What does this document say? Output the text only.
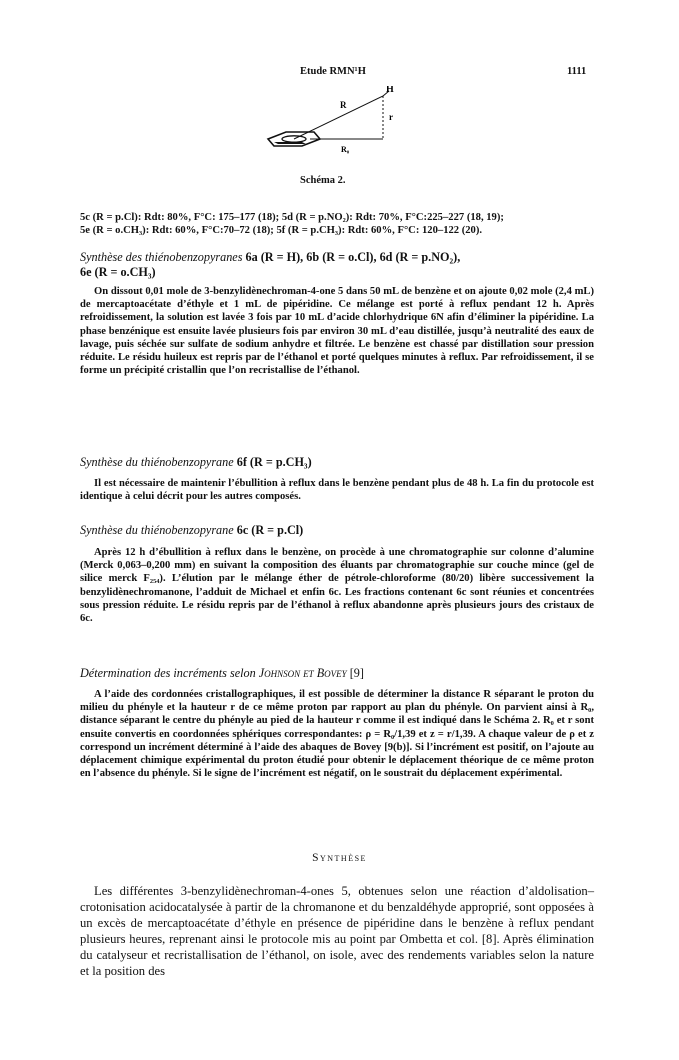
Etude RMN¹H	1111
H
R
r
R₀
Schéma 2.

5c (R = p.Cl): Rdt: 80%, F°C: 175–177 (18); 5d (R = p.NO₂): Rdt: 70%, F°C:225–227 (18, 19);

5e (R = o.CH₃): Rdt: 60%, F°C:70–72 (18); 5f (R = p.CH₃): Rdt: 60%, F°C: 120–122 (20).

Synthèse des thiénobenzopyranes 6a (R = H), 6b (R = o.Cl), 6d (R = p.NO₂),
6e (R = o.CH₃)
On dissout 0,01 mole de 3-benzylidènechroman-4-one 5 dans 50 mL de benzène et on ajoute 0,02 mole (2,4 mL) de mercaptoacétate d’éthyle et 1 mL de pipéridine. Ce mélange est porté à reflux pendant 12 h. Après refroidissement, la solution est lavée 3 fois par 10 mL d’acide chlorhydrique 6N afin d’éliminer la pipéridine. La phase benzénique est ensuite lavée plusieurs fois par environ 30 mL d’eau distillée, jusqu’à neutralité des eaux de lavage, puis séchée sur sulfate de sodium anhydre et filtrée. Le benzène est chassé par distillation sour pression réduite. Le résidu huileux est repris par de l’éthanol et porté quelques minutes à reflux. Par refroidissement, il se forme un précipité cristallin que l’on recristallise de l’éthanol.
Synthèse du thiénobenzopyrane 6f (R = p.CH₃)
Il est nécessaire de maintenir l’ébullition à reflux dans le benzène pendant plus de 48 h. La fin du protocole est identique à celui décrit pour les autres composés.
Synthèse du thiénobenzopyrane 6c (R = p.Cl)
Après 12 h d’ébullition à reflux dans le benzène, on procède à une chromatographie sur colonne d’alumine (Merck 0,063–0,200 mm) en suivant la composition des éluants par chromatographie sur couche mince (gel de silice merck F₂₅₄). L’élution par le mélange éther de pétrole-chloroforme (80/20) libère successivement la benzylidènechromanone, l’adduit de Michael et enfin 6c. Les fractions contenant 6c sont réunies et concentrées sous pression réduite. Le résidu repris par de l’éthanol à reflux abandonne après plusieurs jours des cristaux de 6c.
Détermination des incréments selon Johnson et Bovey [9]
A l’aide des cordonnées cristallographiques, il est possible de déterminer la distance R séparant le proton du milieu du phényle et la hauteur r de ce même proton par rapport au plan du phényle. On parvient ainsi à R₀, distance séparant le centre du phényle au pied de la hauteur r comme il est indiqué dans le Schéma 2. R₀ et r sont ensuite convertis en coordonnées sphériques correspondantes: ρ = R₀/1,39 et z = r/1,39. A chaque valeur de ρ et z correspond un incrément déterminé à l’aide des abaques de Bovey [9(b)]. Si l’incrément est positif, on l’ajoute au déplacement chimique expérimental du proton étudié pour obtenir le déplacement théorique de ce même proton en l’absence du phényle. Si le signe de l’incrément est négatif, on le soustrait du déplacement expérimental.
Synthèse
Les différentes 3-benzylidènechroman-4-ones 5, obtenues selon une réaction d’aldolisation–crotonisation acidocatalysée à partir de la chromanone et du benzaldéhyde approprié, sont opposées à un excès de mercaptoacétate d’éthyle en présence de pipéridine dans le benzène à reflux pendant plusieurs heures, reprenant ainsi le protocole mis au point par Ombetta et col. [8]. Après élimination du catalyseur et recristallisation de l’éthanol, on isole, avec des rendements variables selon la nature et la position des
